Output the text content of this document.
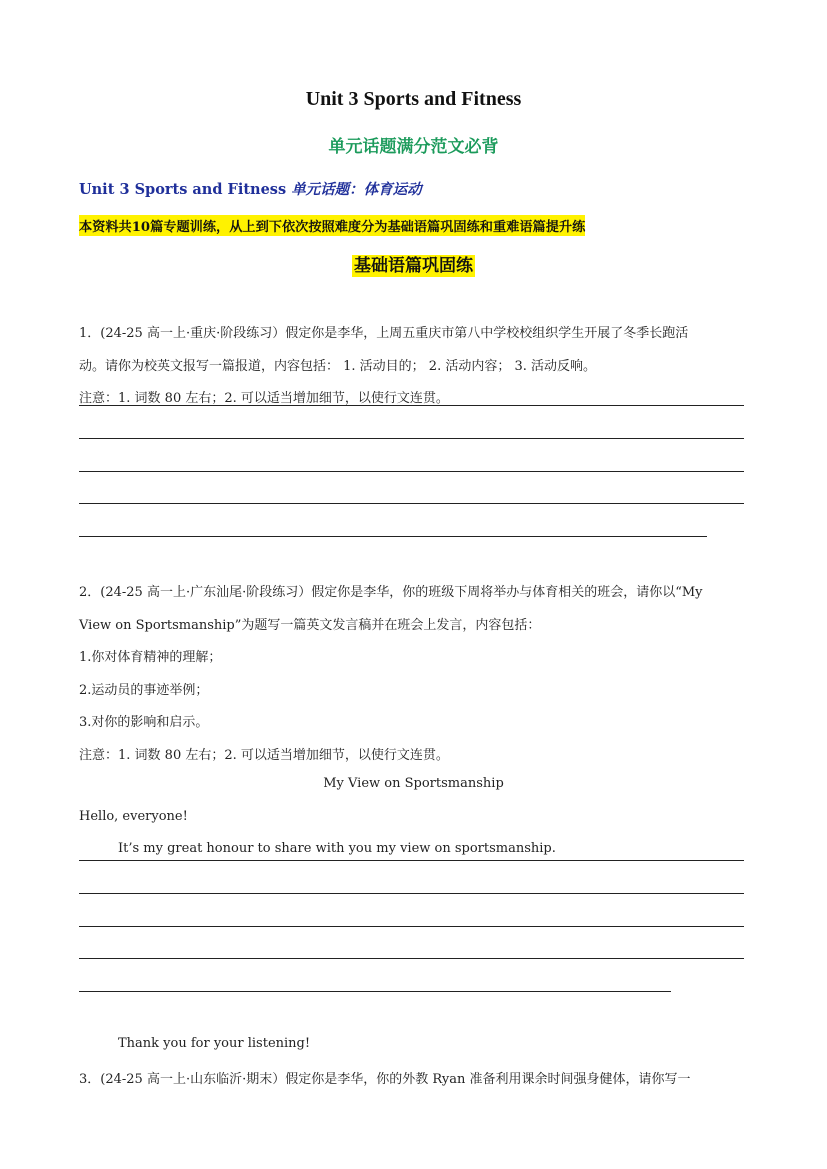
Unit 3 Sports and Fitness
单元话题满分范文必背
Unit 3 Sports and Fitness 单元话题：体育运动
本资料共10篇专题训练，从上到下依次按照难度分为基础语篇巩固练和重难语篇提升练
基础语篇巩固练
1．(24-25 高一上·重庆·阶段练习）假定你是李华，上周五重庆市第八中学校校组织学生开展了冬季长跑活
动。请你为校英文报写一篇报道，内容包括： 1. 活动目的； 2. 活动内容； 3. 活动反响。
注意：1. 词数 80 左右；2. 可以适当增加细节，以使行文连贯。
2．(24-25 高一上·广东汕尾·阶段练习）假定你是李华，你的班级下周将举办与体育相关的班会，请你以“My
View on Sportsmanship”为题写一篇英文发言稿并在班会上发言，内容包括：
1.你对体育精神的理解；
2.运动员的事迹举例；
3.对你的影响和启示。
注意：1. 词数 80 左右；2. 可以适当增加细节，以使行文连贯。
My View on Sportsmanship
Hello, everyone!
It’s my great honour to share with you my view on sportsmanship.
Thank you for your listening!
3．(24-25 高一上·山东临沂·期末）假定你是李华，你的外教 Ryan 准备利用课余时间强身健体，请你写一
